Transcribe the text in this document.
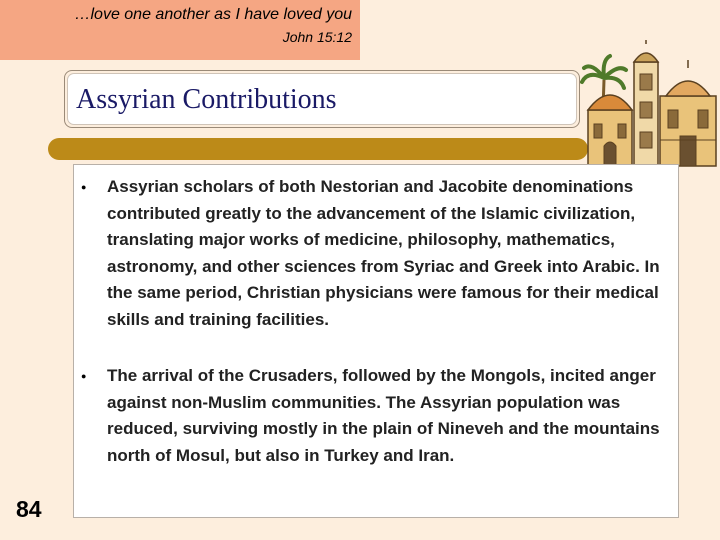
…love one another as I have loved you
John 15:12
Assyrian Contributions
● Assyrian scholars of both Nestorian and Jacobite denominations contributed greatly to the advancement of the Islamic civilization, translating major works of medicine, philosophy, mathematics, astronomy, and other sciences from Syriac and Greek into Arabic. In the same period, Christian physicians were famous for their medical skills and training facilities.
● The arrival of the Crusaders, followed by the Mongols, incited anger against non-Muslim communities. The Assyrian population was reduced, surviving mostly in the plain of Nineveh and the mountains north of Mosul, but also in Turkey and Iran.
84
